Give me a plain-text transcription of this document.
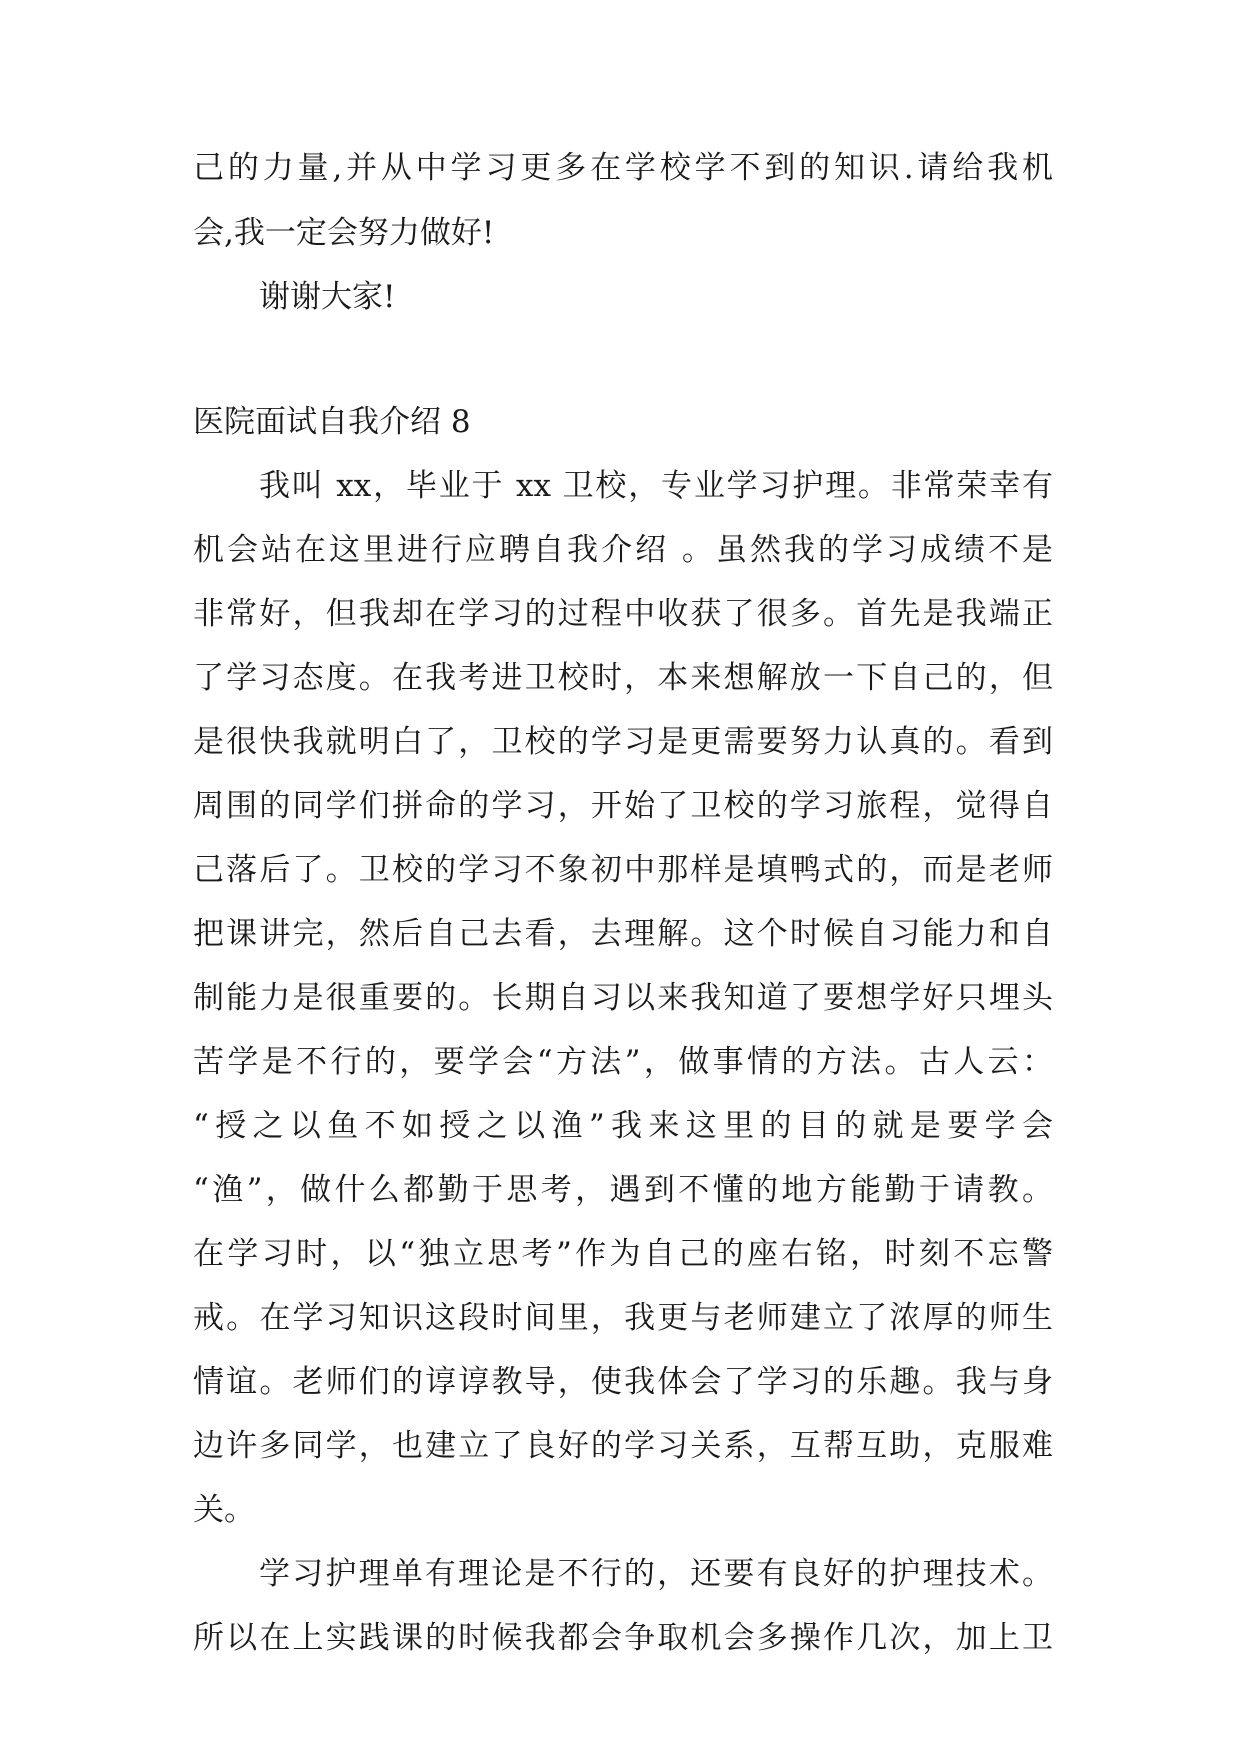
己的力量,并从中学习更多在学校学不到的知识.请给我机
会,我一定会努力做好!
谢谢大家!
医院面试自我介绍 8
我叫 xx，毕业于 xx 卫校，专业学习护理。非常荣幸有
机会站在这里进行应聘自我介绍 。虽然我的学习成绩不是
非常好，但我却在学习的过程中收获了很多。首先是我端正
了学习态度。在我考进卫校时，本来想解放一下自己的，但
是很快我就明白了，卫校的学习是更需要努力认真的。看到
周围的同学们拼命的学习，开始了卫校的学习旅程，觉得自
己落后了。卫校的学习不象初中那样是填鸭式的，而是老师
把课讲完，然后自己去看，去理解。这个时候自习能力和自
制能力是很重要的。长期自习以来我知道了要想学好只埋头
苦学是不行的，要学会“方法”，做事情的方法。古人云：
“授之以鱼不如授之以渔”我来这里的目的就是要学会
“渔”，做什么都勤于思考，遇到不懂的地方能勤于请教。
在学习时，以“独立思考”作为自己的座右铭，时刻不忘警
戒。在学习知识这段时间里，我更与老师建立了浓厚的师生
情谊。老师们的谆谆教导，使我体会了学习的乐趣。我与身
边许多同学，也建立了良好的学习关系，互帮互助，克服难
关。
学习护理单有理论是不行的，还要有良好的护理技术。
所以在上实践课的时候我都会争取机会多操作几次，加上卫
